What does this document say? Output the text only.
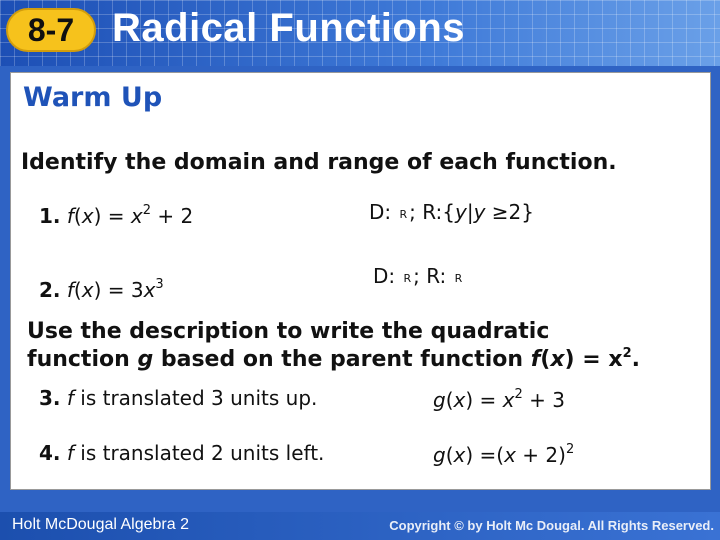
8-7 Radical Functions
Warm Up
Identify the domain and range of each function.
1. $f(x) = x^2 + 2$	D: R ; R:{y|y ≥2}
2. $f(x) = 3x^3$	D: R ; R: R
Use the description to write the quadratic
function g based on the parent function $f(x) = x^2$.
3. f is translated 3 units up.	$g(x) = x^2 + 3$
4. f is translated 2 units left.	$g(x) =(x + 2)^2$
Holt McDougal Algebra 2	Copyright © by Holt Mc Dougal. All Rights Reserved.
